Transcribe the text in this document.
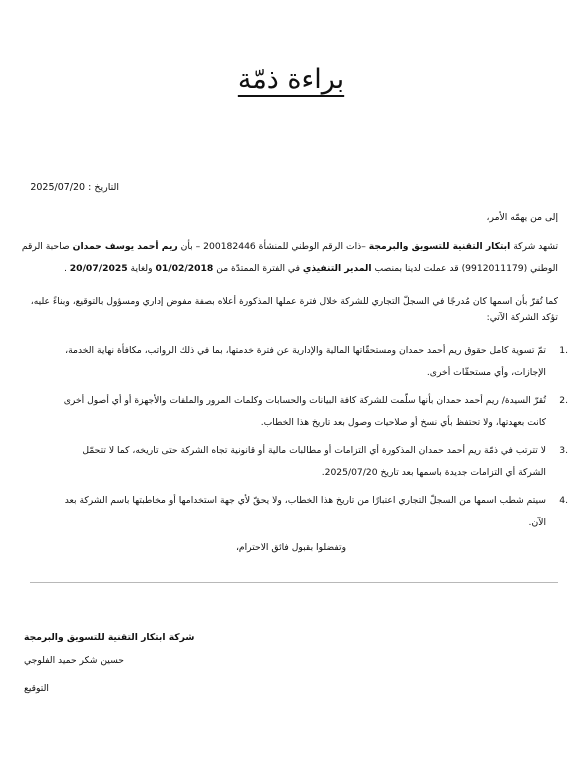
براءة ذمّة
التاريخ : 2025/07/20
إلى من يهمّه الأمر،
تشهد شركة ابتكار التقنية للتسويق والبرمجة –ذات الرقم الوطني للمنشأة 200182446 – بأن ريم أحمد يوسف حمدان صاحبة الرقم
الوطني (9912011179) قد عملت لدينا بمنصب المدير التنفيذي في الفترة الممتدّة من 01/02/2018 ولغاية 20/07/2025 .
كما تُقرّ بأن اسمها كان مُدرجًا في السجلّ التجاري للشركة خلال فترة عملها المذكورة أعلاه بصفة مفوض إداري ومسؤول بالتوقيع، وبناءً عليه،
تؤكد الشركة الآتي:
1.
تمّ تسوية كامل حقوق ريم أحمد حمدان ومستحقّاتها المالية والإدارية عن فترة خدمتها، بما في ذلك الرواتب، مكافأة نهاية الخدمة،
الإجازات، وأي مستحقّات أخرى.
2.
تُقرّ السيدة/ ريم أحمد حمدان بأنها سلّمت للشركة كافة البيانات والحسابات وكلمات المرور والملفات والأجهزة أو أي أصول أخرى
كانت بعهدتها، ولا تحتفظ بأي نسخ أو صلاحيات وصول بعد تاريخ هذا الخطاب.
3.
لا تترتب في ذمّة ريم أحمد حمدان المذكورة أي التزامات أو مطالبات مالية أو قانونية تجاه الشركة حتى تاريخه، كما لا تتحمّل
الشركة أي التزامات جديدة باسمها بعد تاريخ 2025/07/20.
4.
سيتم شطب اسمها من السجلّ التجاري اعتبارًا من تاريخ هذا الخطاب، ولا يحقّ لأي جهة استخدامها أو مخاطبتها باسم الشركة بعد
الآن.
وتفضلوا بقبول فائق الاحترام،
شركة ابتكار التقنية للتسويق والبرمجة
حسين شكر حميد الفلوجي
التوقيع
